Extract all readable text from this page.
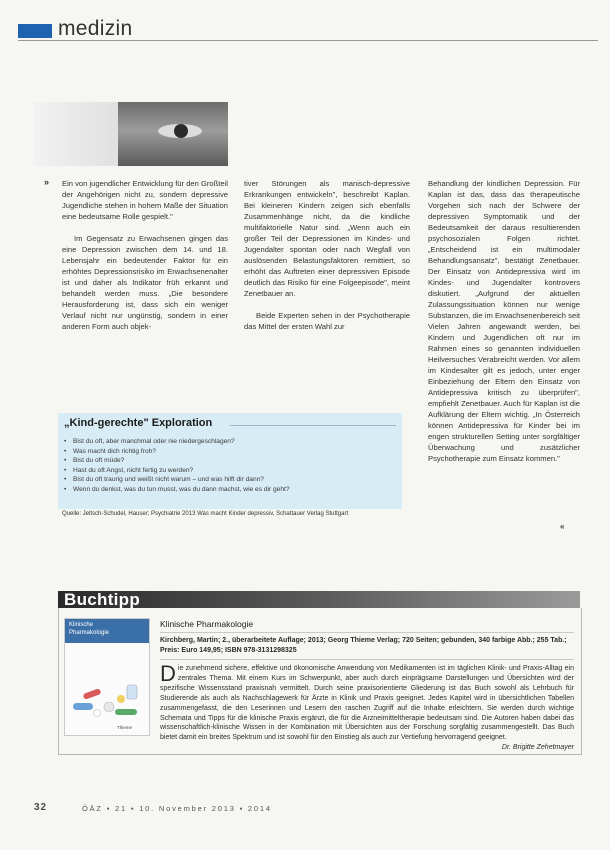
medizin
» Ein von jugendlicher Entwicklung für den Großteil der Angehörigen nicht zu, sondern depressive Jugendliche stehen in hohem Maße der Situation eine bedeutsame Rolle gespielt."

Im Gegensatz zu Erwachsenen gingen das eine Depression zwischen dem 14. und 18. Lebensjahr ein bedeutender Faktor für ein erhöhtes Depressionsrisiko im Erwachsenenalter ist und daher als Indikator früh erkannt und behandelt werden muss. „Die besondere Herausforderung ist, dass sich ein weniger Verlauf nicht nur ungünstig, sondern in einer anderen Form auch objek-

tiver Störungen als manisch-depressive Erkrankungen entwickeln", beschreibt Kaplan. Bei kleineren Kindern zeigen sich ebenfalls Zusammenhänge nicht, da die kindliche multifaktorielle Natur sind. „Wenn auch ein großer Teil der Depressionen im Kindes- und Jugendalter spontan oder nach Wegfall von auslösenden Belastungsfaktoren remittiert, so erhöht das Auftreten einer depressiven Episode deutlich das Risiko für eine Folgeepisode", meint Zenetbauer an.

Beide Experten sehen in der Psychotherapie das Mittel der ersten Wahl zur

Behandlung der kindlichen Depression. Für Kaplan ist das, dass das therapeutische Vorgehen sich nach der Schwere der depressiven Symptomatik und der Bedeutsamkeit der daraus resultierenden psychosozialen Folgen richtet. „Entscheidend ist ein multimodaler Behandlungsansatz", bestätigt Zenetbauer. Der Einsatz von Antidepressiva wird im Kindes- und Jugendalter kontrovers diskutiert. „Aufgrund der aktuellen Zulassungssituation können nur wenige Substanzen, die im Erwachsenenbereich seit Vielen Jahren angewandt werden, bei Kindern und Jugendlichen oft nur im Rahmen eines so genannten individuellen Heilversuches Verabreicht werden. Vor allem im Kindesalter gilt es jedoch, unter enger Einbeziehung der Eltern den Einsatz von Antidepressiva kritisch zu überprüfen", empfiehlt Zenetbauer. Auch für Kaplan ist die Aufklärung der Eltern wichtig. „In Österreich können Antidepressiva für Kinder bei im engen strukturellen Setting unter sorgfältiger Überwachung und zusätzlicher Psychotherapie zum Einsatz kommen."

«
„Kind-gerechte" Exploration
• Bist du oft, aber manchmal oder nie niedergeschlagen?
• Was macht dich richtig froh?
• Bist du oft müde?
• Hast du oft Angst, nicht fertig zu werden?
• Bist du oft traurig und weißt nicht warum – und was hilft dir dann?
• Wenn du denkst, was du tun musst, was du dann machst, wie es dir geht?
Quelle: Jeltsch-Schudel, Hauser; Psychiatrie 2013 Was macht Kinder depressiv, Schattauer Verlag Stuttgart
Buchtipp
Klinische
Pharmakologie
Thieme
Klinische Pharmakologie
Kirchberg, Martin; 2., überarbeitete Auflage; 2013; Georg Thieme Verlag; 720 Seiten; gebunden, 340 farbige Abb.; 255 Tab.; Preis: Euro 149,95; ISBN 978-3131298325
Die zunehmend sichere, effektive und ökonomische Anwendung von Medikamenten ist im täglichen Klinik- und Praxis-Alltag ein zentrales Thema. Mit einem Kurs im Schwerpunkt, aber auch durch einprägsame Darstellungen und Übersichten wird der spezifische Wissensstand praxisnah vermittelt. Durch seine praxisorientierte Gliederung ist das Buch sowohl als Lehrbuch für Studierende als auch als Nachschlagewerk für Ärzte in Klinik und Praxis geeignet. Jedes Kapitel wird in übersichtlichen Tabellen zusammengefasst, die den Leserinnen und Lesern den raschen Zugriff auf die Inhalte erleichtern. Sie werden durch wichtige Schemata und Tipps für die klinische Praxis ergänzt, die für die Arzneimitteltherapie bedeutsam sind. Die Autoren haben dabei das wissenschaftlich-klinische Wissen in der Kombination mit Übersichten aus der Forschung sorgfältig zusammengestellt. Das Buch bietet damit ein breites Spektrum und ist sowohl für den Einstieg als auch zur Vertiefung hervorragend geeignet.
Dr. Brigitte Zehetmayer
32	ÖÄZ ▪ 21 ▪ 10. November 2013 ▪ 2014
